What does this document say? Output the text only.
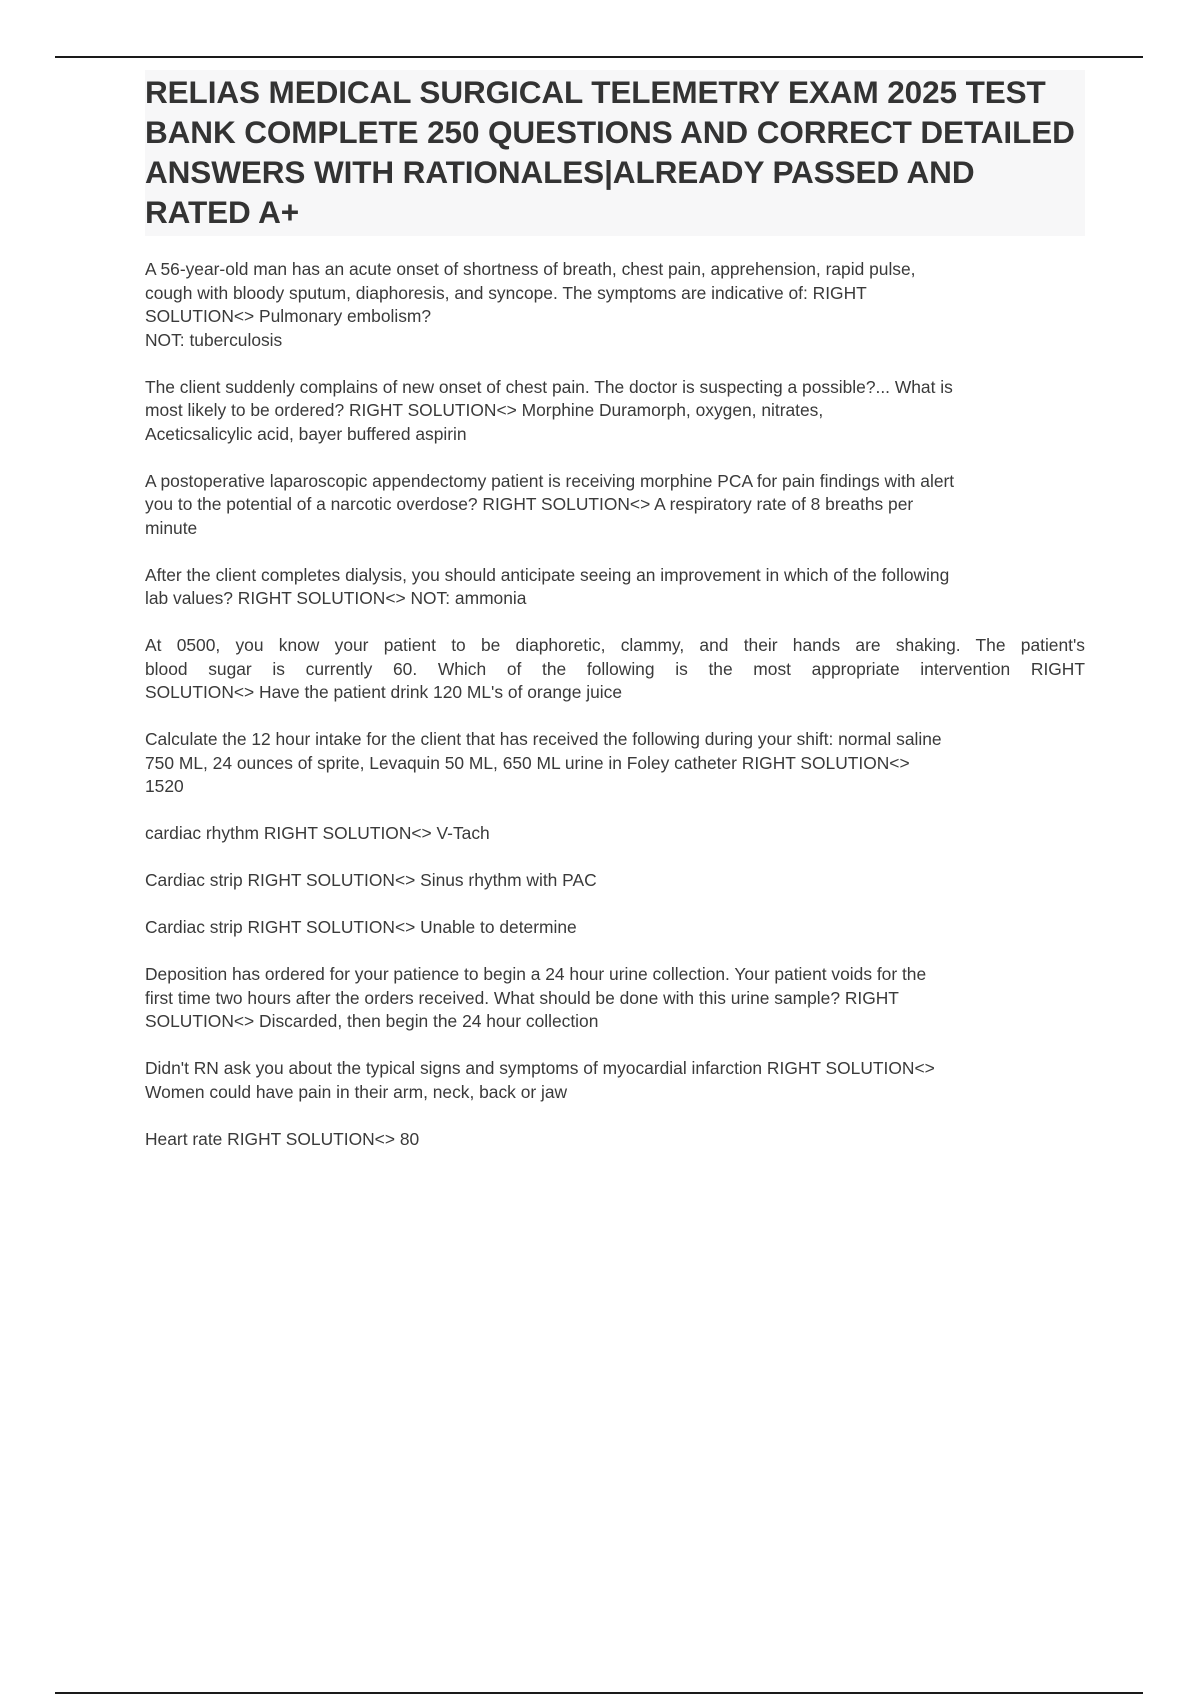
RELIAS MEDICAL SURGICAL TELEMETRY EXAM 2025 TEST BANK COMPLETE 250 QUESTIONS AND CORRECT DETAILED ANSWERS WITH RATIONALES|ALREADY PASSED AND RATED A+

A 56-year-old man has an acute onset of shortness of breath, chest pain, apprehension, rapid pulse,
cough with bloody sputum, diaphoresis, and syncope. The symptoms are indicative of: RIGHT
SOLUTION<> Pulmonary embolism?
NOT: tuberculosis

The client suddenly complains of new onset of chest pain. The doctor is suspecting a possible?... What is
most likely to be ordered? RIGHT SOLUTION<> Morphine Duramorph, oxygen, nitrates,
Aceticsalicylic acid, bayer buffered aspirin

A postoperative laparoscopic appendectomy patient is receiving morphine PCA for pain findings with alert
you to the potential of a narcotic overdose? RIGHT SOLUTION<> A respiratory rate of 8 breaths per
minute

After the client completes dialysis, you should anticipate seeing an improvement in which of the following
lab values? RIGHT SOLUTION<> NOT: ammonia

At 0500, you know your patient to be diaphoretic, clammy, and their hands are shaking. The patient's
blood sugar is currently 60. Which of the following is the most appropriate intervention RIGHT
SOLUTION<> Have the patient drink 120 ML's of orange juice

Calculate the 12 hour intake for the client that has received the following during your shift: normal saline
750 ML, 24 ounces of sprite, Levaquin 50 ML, 650 ML urine in Foley catheter RIGHT SOLUTION<>
1520

cardiac rhythm RIGHT SOLUTION<> V-Tach

Cardiac strip RIGHT SOLUTION<> Sinus rhythm with PAC

Cardiac strip RIGHT SOLUTION<> Unable to determine

Deposition has ordered for your patience to begin a 24 hour urine collection. Your patient voids for the
first time two hours after the orders received. What should be done with this urine sample? RIGHT
SOLUTION<> Discarded, then begin the 24 hour collection

Didn't RN ask you about the typical signs and symptoms of myocardial infarction RIGHT SOLUTION<>
Women could have pain in their arm, neck, back or jaw

Heart rate RIGHT SOLUTION<> 80
